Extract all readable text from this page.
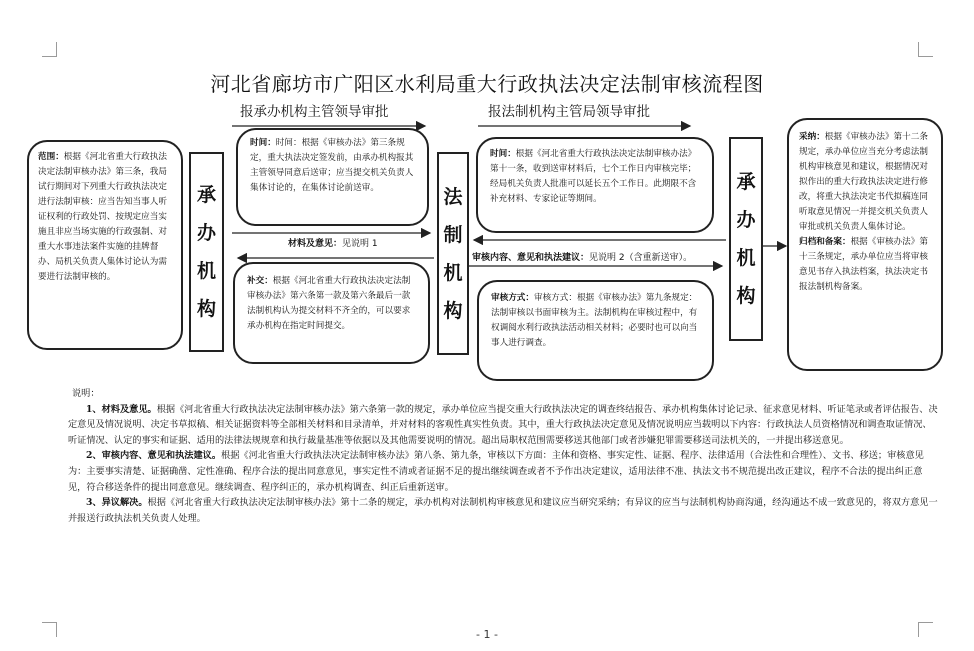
河北省廊坊市广阳区水利局重大行政执法决定法制审核流程图
报承办机构主管领导审批	报法制机构主管局领导审批
范围：根据《河北省重大行政执法决定法制审核办法》第三条，我局试行期间对下列重大行政执法决定进行法制审核：应当告知当事人听证权利的行政处罚、按规定应当实施且非应当场实施的行政强制、对重大水事违法案件实施的挂牌督办、局机关负责人集体讨论认为需要进行法制审核的。
承
办
机
构
时间：时间：根据《审核办法》第三条规定，重大执法决定签发前，由承办机构报其主管领导同意后送审；应当提交机关负责人集体讨论的，在集体讨论前送审。
材料及意见：见说明 1
补交：根据《河北省重大行政执法决定法制审核办法》第六条第一款及第六条最后一款法制机构认为提交材料不齐全的，可以要求承办机构在指定时间提交。
法
制
机
构
时间：根据《河北省重大行政执法决定法制审核办法》第十一条，收到送审材料后，七个工作日内审核完毕；经局机关负责人批准可以延长五个工作日。此期限不含补充材料、专家论证等期间。
审核内容、意见和执法建议：见说明 2（含重新送审）。
审核方式：审核方式：根据《审核办法》第九条规定：法制审核以书面审核为主。法制机构在审核过程中，有权调阅水利行政执法活动相关材料；必要时也可以向当事人进行调查。
承
办
机
构
采纳：根据《审核办法》第十二条规定，承办单位应当充分考虑法制机构审核意见和建议，根据情况对拟作出的重大行政执法决定进行修改，将重大执法决定书代拟稿连同听取意见情况一并提交机关负责人审批或机关负责人集体讨论。
归档和备案：根据《审核办法》第十三条规定，承办单位应当将审核意见书存入执法档案，执法决定书报法制机构备案。

说明：

1、材料及意见。根据《河北省重大行政执法决定法制审核办法》第六条第一款的规定，承办单位应当提交重大行政执法决定的调查终结报告、承办机构集体讨论记录、征求意见材料、听证笔录或者评估报告、决定意见及情况说明、决定书草拟稿、相关证据资料等全部相关材料和目录清单，并对材料的客观性真实性负责。其中，重大行政执法决定意见及情况说明应当载明以下内容：行政执法人员资格情况和调查取证情况、听证情况、认定的事实和证据、适用的法律法规规章和执行裁量基准等依据以及其他需要说明的情况。超出局职权范围需要移送其他部门或者涉嫌犯罪需要移送司法机关的，一并提出移送意见。

2、审核内容、意见和执法建议。根据《河北省重大行政执法决定法制审核办法》第八条、第九条，审核以下方面：主体和资格、事实定性、证据、程序、法律适用（合法性和合理性）、文书、移送；审核意见为：主要事实清楚、证据确凿、定性准确、程序合法的提出同意意见，事实定性不清或者证据不足的提出继续调查或者不予作出决定建议，适用法律不准、执法文书不规范提出改正建议，程序不合法的提出纠正意见，符合移送条件的提出同意意见。继续调查、程序纠正的，承办机构调查、纠正后重新送审。

3、异议解决。根据《河北省重大行政执法决定法制审核办法》第十二条的规定，承办机构对法制机构审核意见和建议应当研究采纳；有异议的应当与法制机构协商沟通，经沟通达不成一致意见的，将双方意见一并报送行政执法机关负责人处理。

- 1 -
